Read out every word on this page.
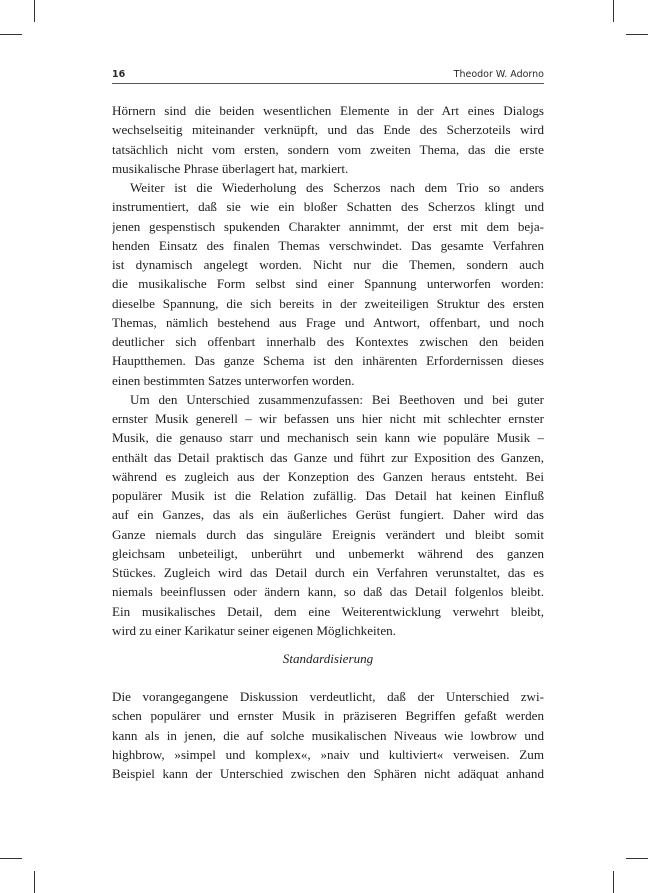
16	Theodor W. Adorno
Hörnern sind die beiden wesentlichen Elemente in der Art eines Dialogs
wechselseitig miteinander verknüpft, und das Ende des Scherzoteils wird
tatsächlich nicht vom ersten, sondern vom zweiten Thema, das die erste
musikalische Phrase überlagert hat, markiert.
Weiter ist die Wiederholung des Scherzos nach dem Trio so anders
instrumentiert, daß sie wie ein bloßer Schatten des Scherzos klingt und
jenen gespenstisch spukenden Charakter annimmt, der erst mit dem beja-
henden Einsatz des finalen Themas verschwindet. Das gesamte Verfahren
ist dynamisch angelegt worden. Nicht nur die Themen, sondern auch
die musikalische Form selbst sind einer Spannung unterworfen worden:
dieselbe Spannung, die sich bereits in der zweiteiligen Struktur des ersten
Themas, nämlich bestehend aus Frage und Antwort, offenbart, und noch
deutlicher sich offenbart innerhalb des Kontextes zwischen den beiden
Hauptthemen. Das ganze Schema ist den inhärenten Erfordernissen dieses
einen bestimmten Satzes unterworfen worden.
Um den Unterschied zusammenzufassen: Bei Beethoven und bei guter
ernster Musik generell – wir befassen uns hier nicht mit schlechter ernster
Musik, die genauso starr und mechanisch sein kann wie populäre Musik –
enthält das Detail praktisch das Ganze und führt zur Exposition des Ganzen,
während es zugleich aus der Konzeption des Ganzen heraus entsteht. Bei
populärer Musik ist die Relation zufällig. Das Detail hat keinen Einfluß
auf ein Ganzes, das als ein äußerliches Gerüst fungiert. Daher wird das
Ganze niemals durch das singuläre Ereignis verändert und bleibt somit
gleichsam unbeteiligt, unberührt und unbemerkt während des ganzen
Stückes. Zugleich wird das Detail durch ein Verfahren verunstaltet, das es
niemals beeinflussen oder ändern kann, so daß das Detail folgenlos bleibt.
Ein musikalisches Detail, dem eine Weiterentwicklung verwehrt bleibt,
wird zu einer Karikatur seiner eigenen Möglichkeiten.
Standardisierung
Die vorangegangene Diskussion verdeutlicht, daß der Unterschied zwi-
schen populärer und ernster Musik in präziseren Begriffen gefaßt werden
kann als in jenen, die auf solche musikalischen Niveaus wie lowbrow und
highbrow, »simpel und komplex«, »naiv und kultiviert« verweisen. Zum
Beispiel kann der Unterschied zwischen den Sphären nicht adäquat anhand
